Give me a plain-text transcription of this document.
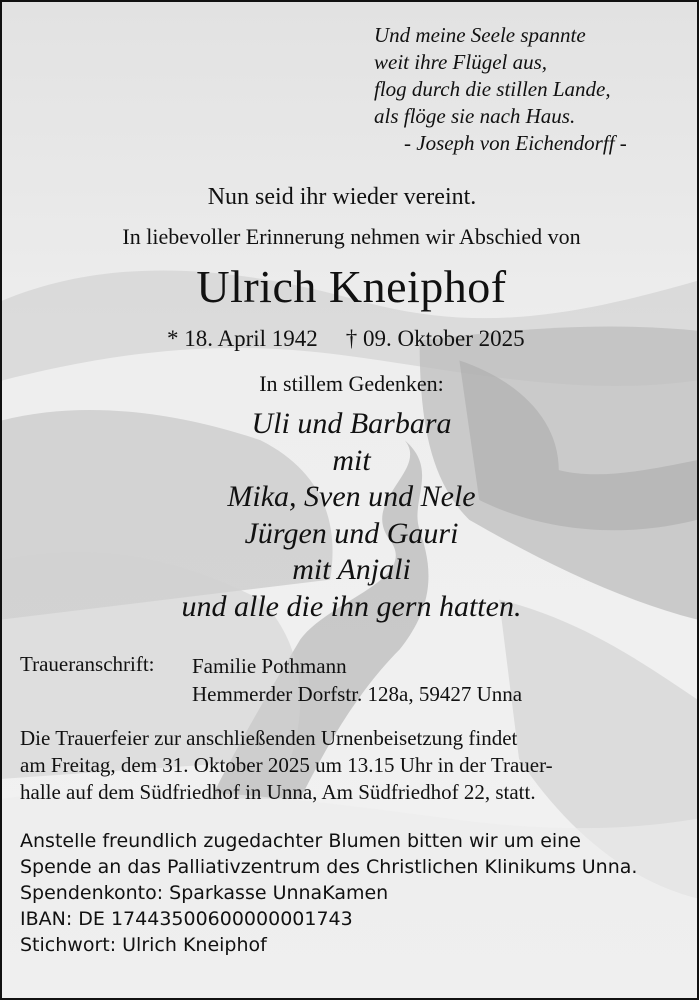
Und meine Seele spannte
weit ihre Flügel aus,
flog durch die stillen Lande,
als flöge sie nach Haus.
- Joseph von Eichendorff -

Nun seid ihr wieder vereint.

In liebevoller Erinnerung nehmen wir Abschied von

Ulrich Kneiphof

* 18. April 1942 † 09. Oktober 2025

In stillem Gedenken:

Uli und Barbara
mit
Mika, Sven und Nele
Jürgen und Gauri
mit Anjali
und alle die ihn gern hatten.

Traueranschrift: Familie Pothmann
Hemmerder Dorfstr. 128a, 59427 Unna
Die Trauerfeier zur anschließenden Urnenbeisetzung findet
am Freitag, dem 31. Oktober 2025 um 13.15 Uhr in der Trauer-
halle auf dem Südfriedhof in Unna, Am Südfriedhof 22, statt.
Anstelle freundlich zugedachter Blumen bitten wir um eine
Spende an das Palliativzentrum des Christlichen Klinikums Unna.
Spendenkonto: Sparkasse UnnaKamen
IBAN: DE 17443500600000001743
Stichwort: Ulrich Kneiphof
